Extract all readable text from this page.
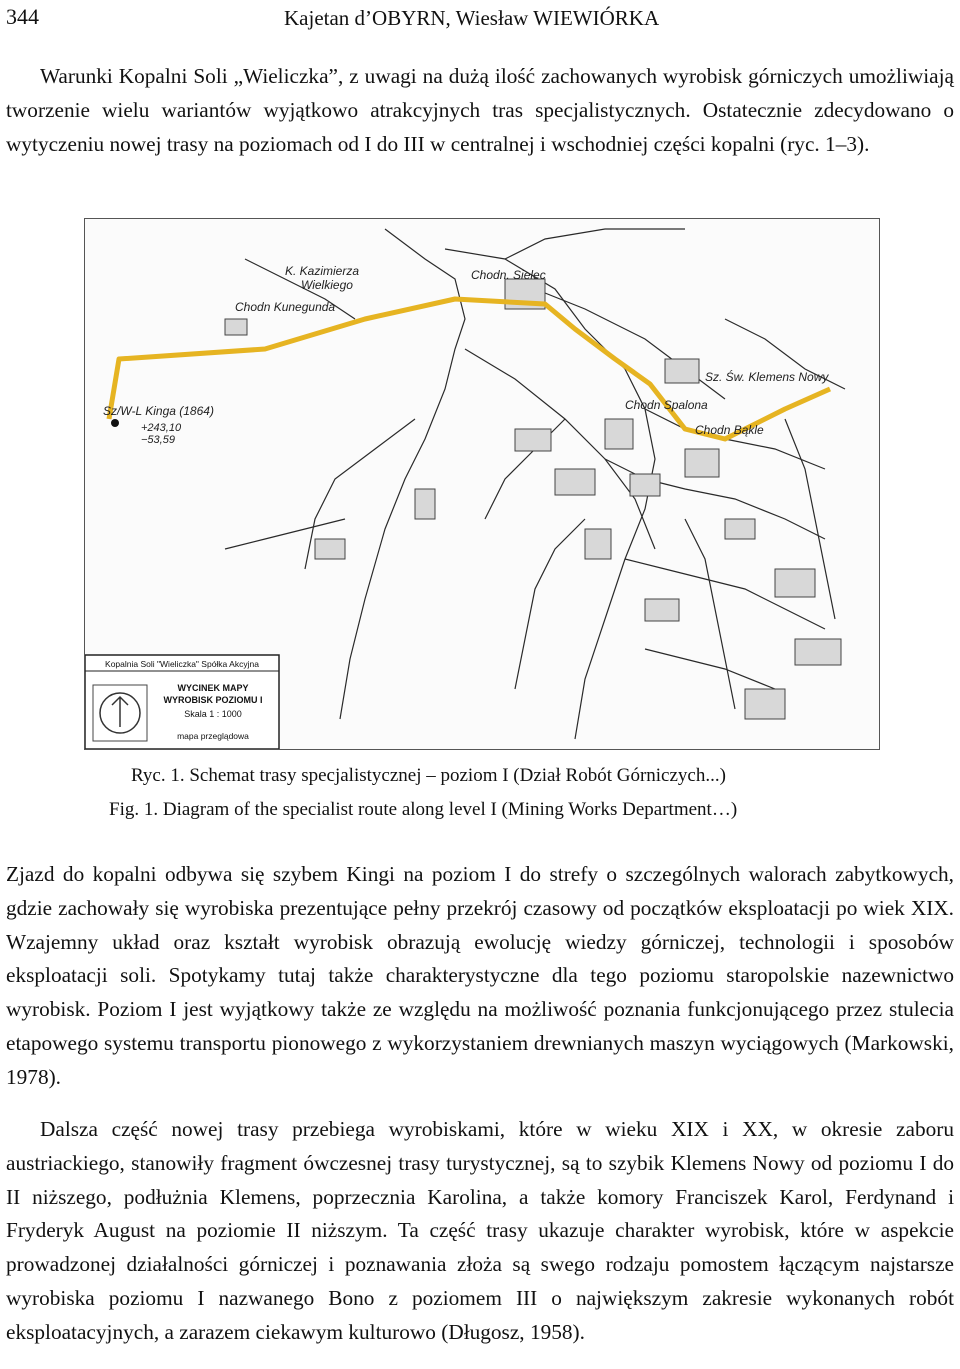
344	Kajetan d’OBYRN, Wiesław WIEWIÓRKA

Warunki Kopalni Soli „Wieliczka”, z uwagi na dużą ilość zachowanych wyrobisk górniczych umożliwiają tworzenie wielu wariantów wyjątkowo atrakcyjnych tras specjalistycznych. Ostatecznie zdecydowano o wytyczeniu nowej trasy na poziomach od I do III w centralnej i wschodniej części kopalni (ryc. 1–3).

Sz/W-L Kinga (1864)
+243,10
−53,59
Sz. Św. Klemens Nowy
K. Kazimierza
Wielkiego
Chodn Kunegunda
Chodn. Sielec
Chodn Spalona
Chodn Bąkle
Kopalnia Soli "Wieliczka" Spółka Akcyjna
WYCINEK MAPY
WYROBISK POZIOMU I
Skala 1 : 1000
mapa przeglądowa
Ryc. 1. Schemat trasy specjalistycznej – poziom I (Dział Robót Górniczych...)
Fig. 1. Diagram of the specialist route along level I (Mining Works Department…)

Zjazd do kopalni odbywa się szybem Kingi na poziom I do strefy o szczególnych walorach zabytkowych, gdzie zachowały się wyrobiska prezentujące pełny przekrój czasowy od początków eksploatacji po wiek XIX. Wzajemny układ oraz kształt wyrobisk obrazują ewolucję wiedzy górniczej, technologii i sposobów eksploatacji soli. Spotykamy tutaj także charakterystyczne dla tego poziomu staropolskie nazewnictwo wyrobisk. Poziom I jest wyjątkowy także ze względu na możliwość poznania funkcjonującego przez stulecia etapowego systemu transportu pionowego z wykorzystaniem drewnianych maszyn wyciągowych (Markowski, 1978).

Dalsza część nowej trasy przebiega wyrobiskami, które w wieku XIX i XX, w okresie zaboru austriackiego, stanowiły fragment ówczesnej trasy turystycznej, są to szybik Klemens Nowy od poziomu I do II niższego, podłużnia Klemens, poprzecznia Karolina, a także komory Franciszek Karol, Ferdynand i Fryderyk August na poziomie II niższym. Ta część trasy ukazuje charakter wyrobisk, które w aspekcie prowadzonej działalności górniczej i poznawania złoża są swego rodzaju pomostem łączącym najstarsze wyrobiska poziomu I nazwanego Bono z poziomem III o największym zakresie wykonanych robót eksploatacyjnych, a zarazem ciekawym kulturowo (Długosz, 1958).
